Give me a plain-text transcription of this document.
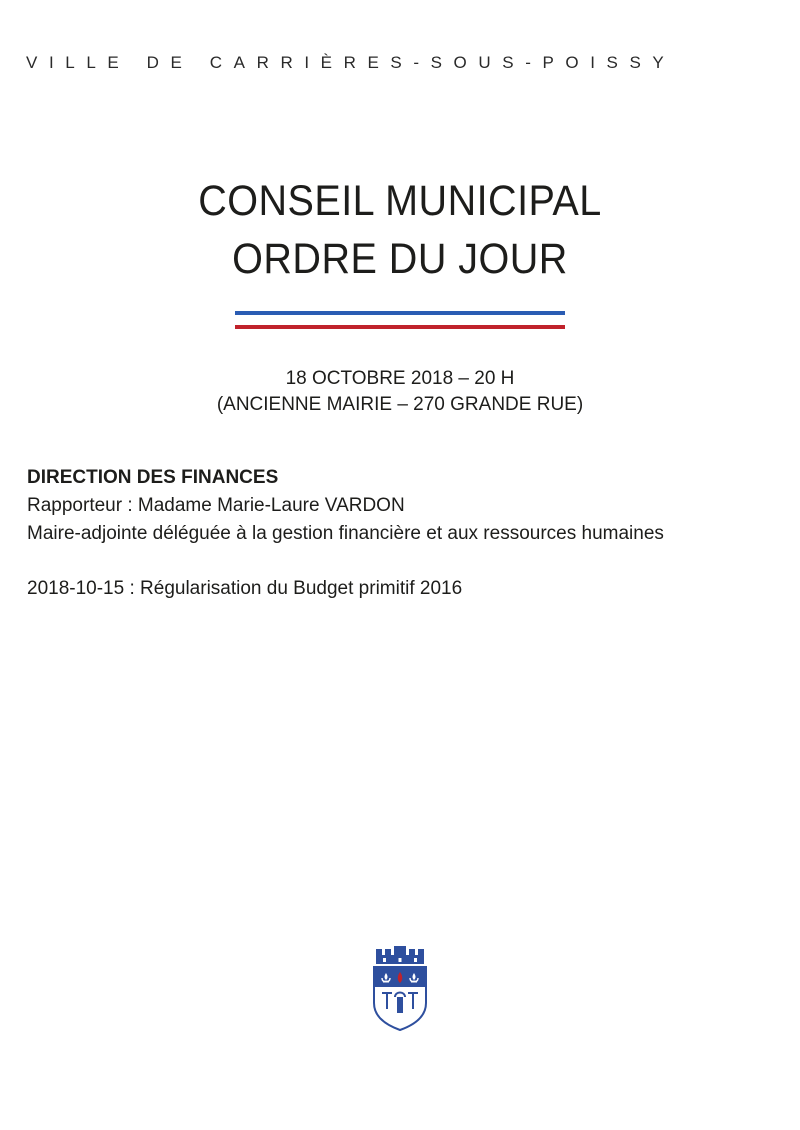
VILLE DE CARRIÈRES-SOUS-POISSY
CONSEIL MUNICIPAL
ORDRE DU JOUR
18 OCTOBRE 2018 – 20 H
(ANCIENNE MAIRIE – 270 GRANDE RUE)
DIRECTION DES FINANCES
Rapporteur : Madame Marie-Laure VARDON
Maire-adjointe déléguée à la gestion financière et aux ressources humaines
2018-10-15 : Régularisation du Budget primitif 2016
